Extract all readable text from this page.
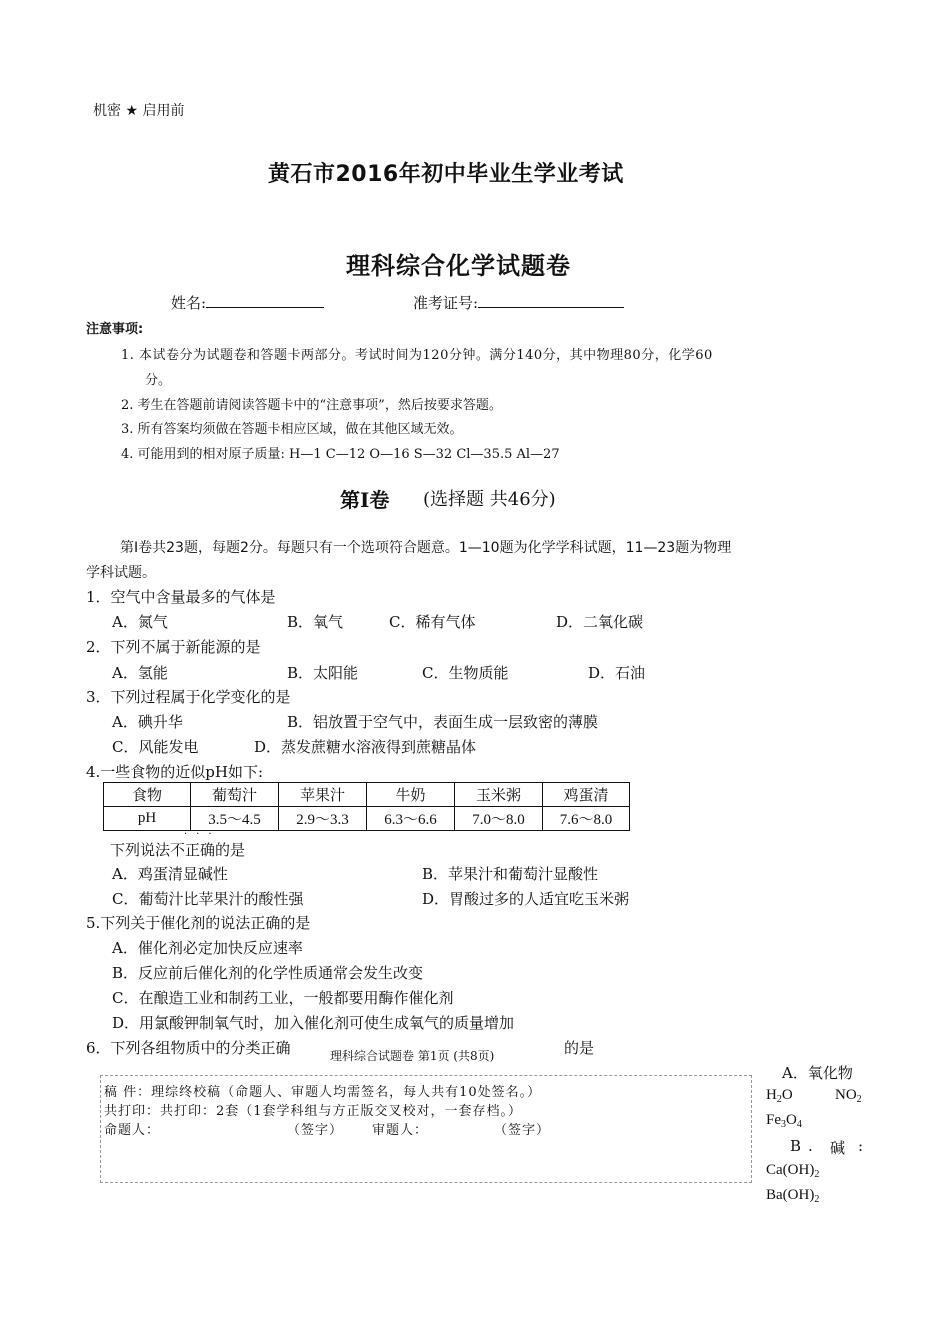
机密 ★ 启用前
黄石市2016年初中毕业生学业考试
理科综合化学试题卷
姓名:	准考证号:
注意事项:
1. 本试卷分为试题卷和答题卡两部分。考试时间为120分钟。满分140分，其中物理80分，化学60
分。
2. 考生在答题前请阅读答题卡中的“注意事项”，然后按要求答题。
3. 所有答案均须做在答题卡相应区域，做在其他区域无效。
4. 可能用到的相对原子质量: H—1 C—12 O—16 S—32 Cl—35.5 Al—27
第Ⅰ卷 (选择题 共46分)
第Ⅰ卷共23题，每题2分。每题只有一个选项符合题意。1—10题为化学学科试题，11—23题为物理
学科试题。
1．空气中含量最多的气体是
A．氮气	B．氧气	C．稀有气体	D．二氧化碳
2．下列不属于新能源的是
A．氢能	B．太阳能	C．生物质能	D．石油
3．下列过程属于化学变化的是
A．碘升华	B．铝放置于空气中，表面生成一层致密的薄膜
C．风能发电	D．蒸发蔗糖水溶液得到蔗糖晶体
4.一些食物的近似pH如下:
食物	葡萄汁	苹果汁	牛奶	玉米粥	鸡蛋清
pH	3.5～4.5	2.9～3.3	6.3～6.6	7.0～8.0	7.6～8.0
···
下列说法不正确的是
A．鸡蛋清显碱性	B．苹果汁和葡萄汁显酸性
C．葡萄汁比苹果汁的酸性强	D．胃酸过多的人适宜吃玉米粥
5.下列关于催化剂的说法正确的是
A．催化剂必定加快反应速率
B．反应前后催化剂的化学性质通常会发生改变
C．在酿造工业和制药工业，一般都要用酶作催化剂
D．用氯酸钾制氧气时，加入催化剂可使生成氧气的质量增加
6．下列各组物质中的分类正确	理科综合试题卷 第1页 (共8页)	的是
A．氧化物
$H_2O$	$NO_2$
$Fe_3O_4$
B . 碱 :
$Ca(OH)_2$
$Ba(OH)_2$
稿 件：理综终校稿（命题人、审题人均需签名，每人共有10处签名。）
共打印：共打印：2套（1套学科组与方正版交叉校对，一套存档。）
命题人：	（签字） 审题人：	（签字）
